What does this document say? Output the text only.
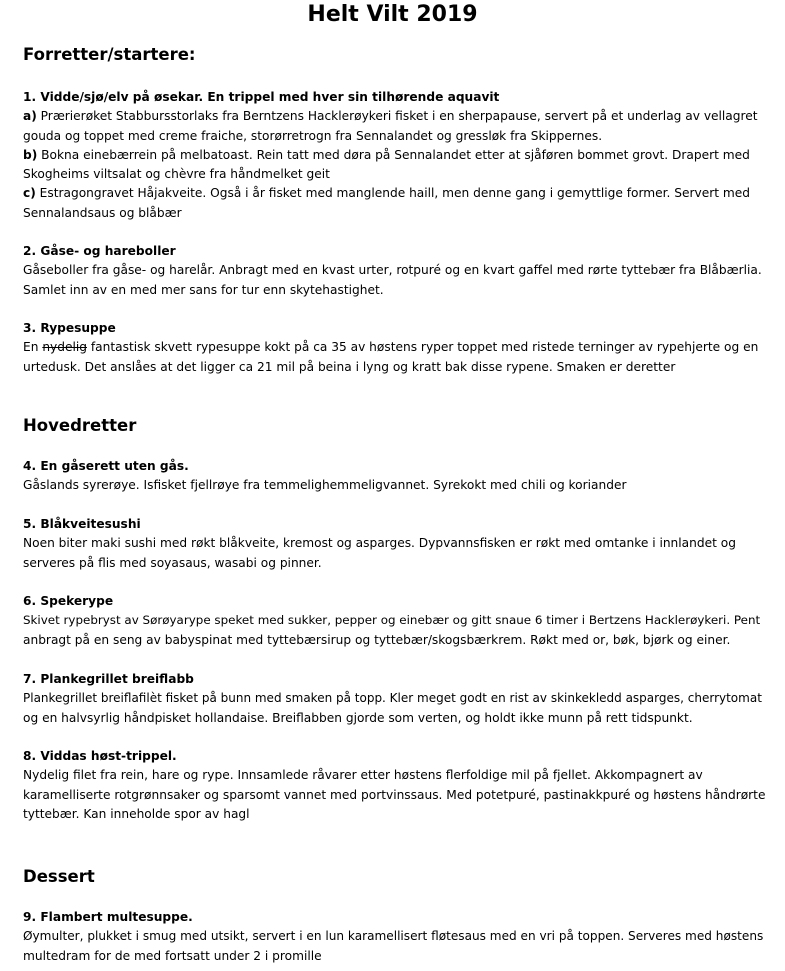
Helt Vilt 2019
Forretter/startere:

1. Vidde/sjø/elv på øsekar. En trippel med hver sin tilhørende aquavit

a) Prærierøket Stabbursstorlaks fra Berntzens Hacklerøykeri fisket i en sherpapause, servert på et underlag av vellagret

gouda og toppet med creme fraiche, storørretrogn fra Sennalandet og gressløk fra Skippernes.

b) Bokna einebærrein på melbatoast. Rein tatt med døra på Sennalandet etter at sjåføren bommet grovt. Drapert med

Skogheims viltsalat og chèvre fra håndmelket geit

c) Estragongravet Håjakveite. Også i år fisket med manglende haill, men denne gang i gemyttlige former. Servert med

Sennalandsaus og blåbær

2. Gåse- og hareboller

Gåseboller fra gåse- og harelår. Anbragt med en kvast urter, rotpuré og en kvart gaffel med rørte tyttebær fra Blåbærlia.

Samlet inn av en med mer sans for tur enn skytehastighet.

3. Rypesuppe

En nydelig fantastisk skvett rypesuppe kokt på ca 35 av høstens ryper toppet med ristede terninger av rypehjerte og en

urtedusk. Det anslåes at det ligger ca 21 mil på beina i lyng og kratt bak disse rypene. Smaken er deretter

Hovedretter

4. En gåserett uten gås.

Gåslands syrerøye. Isfisket fjellrøye fra temmelighemmeligvannet. Syrekokt med chili og koriander

5. Blåkveitesushi

Noen biter maki sushi med røkt blåkveite, kremost og asparges. Dypvannsfisken er røkt med omtanke i innlandet og

serveres på flis med soyasaus, wasabi og pinner.

6. Spekerype

Skivet rypebryst av Sørøyarype speket med sukker, pepper og einebær og gitt snaue 6 timer i Bertzens Hacklerøykeri. Pent

anbragt på en seng av babyspinat med tyttebærsirup og tyttebær/skogsbærkrem. Røkt med or, bøk, bjørk og einer.

7. Plankegrillet breiflabb

Plankegrillet breiflafilèt fisket på bunn med smaken på topp. Kler meget godt en rist av skinkekledd asparges, cherrytomat

og en halvsyrlig håndpisket hollandaise. Breiflabben gjorde som verten, og holdt ikke munn på rett tidspunkt.

8. Viddas høst-trippel.

Nydelig filet fra rein, hare og rype. Innsamlede råvarer etter høstens flerfoldige mil på fjellet. Akkompagnert av

karamelliserte rotgrønnsaker og sparsomt vannet med portvinssaus. Med potetpuré, pastinakkpuré og høstens håndrørte

tyttebær. Kan inneholde spor av hagl

Dessert

9. Flambert multesuppe.

Øymulter, plukket i smug med utsikt, servert i en lun karamellisert fløtesaus med en vri på toppen. Serveres med høstens

multedram for de med fortsatt under 2 i promille
